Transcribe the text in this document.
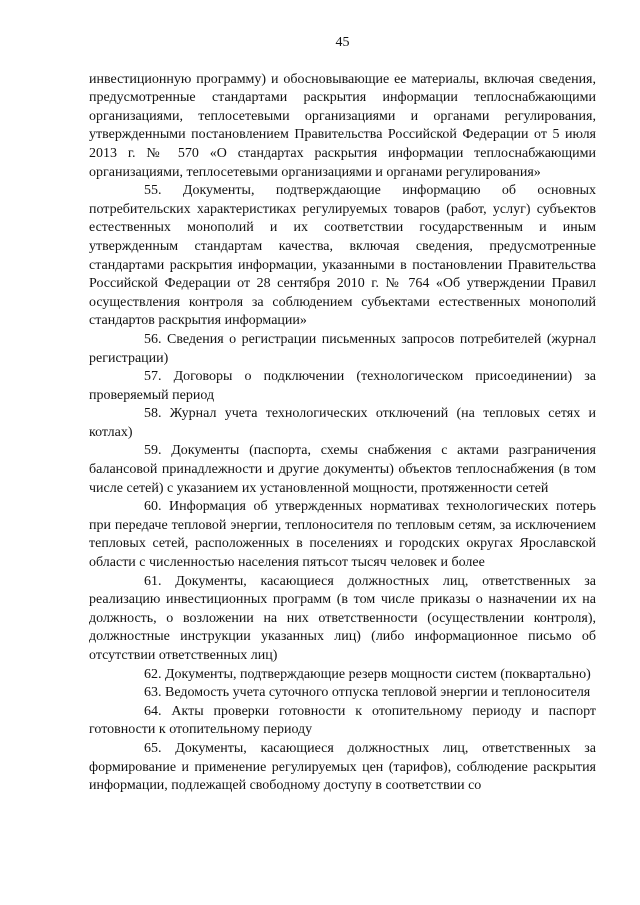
45

инвестиционную программу) и обосновывающие ее материалы, включая сведения, предусмотренные стандартами раскрытия информации теплоснабжающими организациями, теплосетевыми организациями и органами регулирования, утвержденными постановлением Правительства Российской Федерации от 5 июля 2013 г. № 570 «О стандартах раскрытия информации теплоснабжающими организациями, теплосетевыми организациями и органами регулирования»

55. Документы, подтверждающие информацию об основных потребительских характеристиках регулируемых товаров (работ, услуг) субъектов естественных монополий и их соответствии государственным и иным утвержденным стандартам качества, включая сведения, предусмотренные стандартами раскрытия информации, указанными в постановлении Правительства Российской Федерации от 28 сентября 2010 г. № 764 «Об утверждении Правил осуществления контроля за соблюдением субъектами естественных монополий стандартов раскрытия информации»

56. Сведения о регистрации письменных запросов потребителей (журнал регистрации)

57. Договоры о подключении (технологическом присоединении) за проверяемый период

58. Журнал учета технологических отключений (на тепловых сетях и котлах)

59. Документы (паспорта, схемы снабжения с актами разграничения балансовой принадлежности и другие документы) объектов теплоснабжения (в том числе сетей) с указанием их установленной мощности, протяженности сетей

60. Информация об утвержденных нормативах технологических потерь при передаче тепловой энергии, теплоносителя по тепловым сетям, за исключением тепловых сетей, расположенных в поселениях и городских округах Ярославской области с численностью населения пятьсот тысяч человек и более

61. Документы, касающиеся должностных лиц, ответственных за реализацию инвестиционных программ (в том числе приказы о назначении их на должность, о возложении на них ответственности (осуществлении контроля), должностные инструкции указанных лиц) (либо информационное письмо об отсутствии ответственных лиц)

62. Документы, подтверждающие резерв мощности систем (поквартально)

63. Ведомость учета суточного отпуска тепловой энергии и теплоносителя

64. Акты проверки готовности к отопительному периоду и паспорт готовности к отопительному периоду

65. Документы, касающиеся должностных лиц, ответственных за формирование и применение регулируемых цен (тарифов), соблюдение раскрытия информации, подлежащей свободному доступу в соответствии со
